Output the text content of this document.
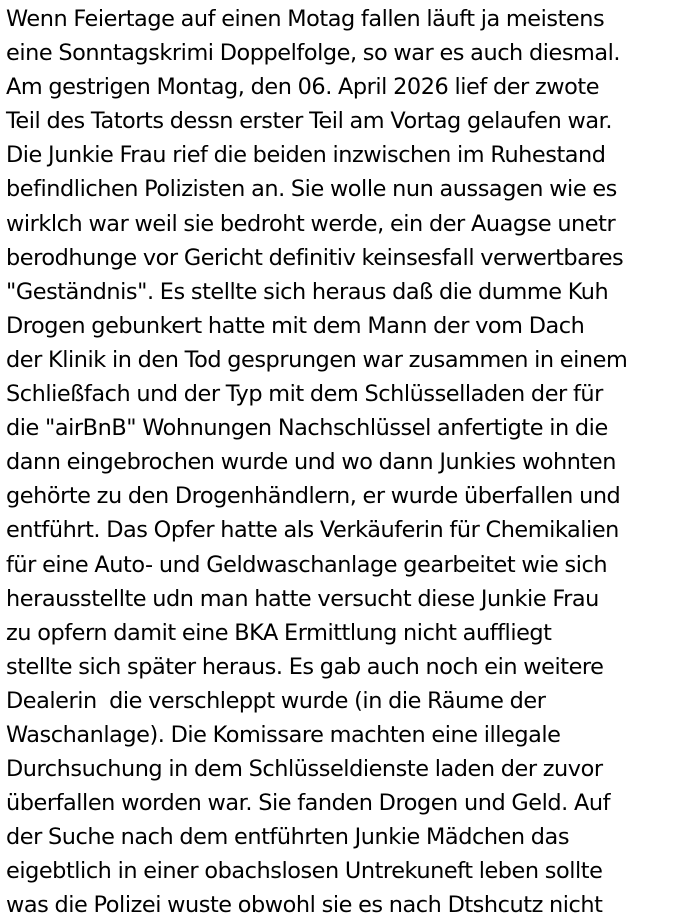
Wenn Feiertage auf einen Motag fallen läuft ja meistens
eine Sonntagskrimi Doppelfolge, so war es auch diesmal.
Am gestrigen Montag, den 06. April 2026 lief der zwote
Teil des Tatorts dessn erster Teil am Vortag gelaufen war.
Die Junkie Frau rief die beiden inzwischen im Ruhestand
befindlichen Polizisten an. Sie wolle nun aussagen wie es
wirklch war weil sie bedroht werde, ein der Auagse unetr
berodhunge vor Gericht definitiv keinsesfall verwertbares
"Geständnis". Es stellte sich heraus daß die dumme Kuh
Drogen gebunkert hatte mit dem Mann der vom Dach
der Klinik in den Tod gesprungen war zusammen in einem
Schließfach und der Typ mit dem Schlüsselladen der für
die "airBnB" Wohnungen Nachschlüssel anfertigte in die
dann eingebrochen wurde und wo dann Junkies wohnten
gehörte zu den Drogenhändlern, er wurde überfallen und
entführt. Das Opfer hatte als Verkäuferin für Chemikalien
für eine Auto- und Geldwaschanlage gearbeitet wie sich
herausstellte udn man hatte versucht diese Junkie Frau
zu opfern damit eine BKA Ermittlung nicht auffliegt
stellte sich später heraus. Es gab auch noch ein weitere
Dealerin  die verschleppt wurde (in die Räume der
Waschanlage). Die Komissare machten eine illegale
Durchsuchung in dem Schlüsseldienste laden der zuvor
überfallen worden war. Sie fanden Drogen und Geld. Auf
der Suche nach dem entführten Junkie Mädchen das
eigebtlich in einer obachslosen Untrekuneft leben sollte
was die Polizei wuste obwohl sie es nach Dtshcutz nicht
